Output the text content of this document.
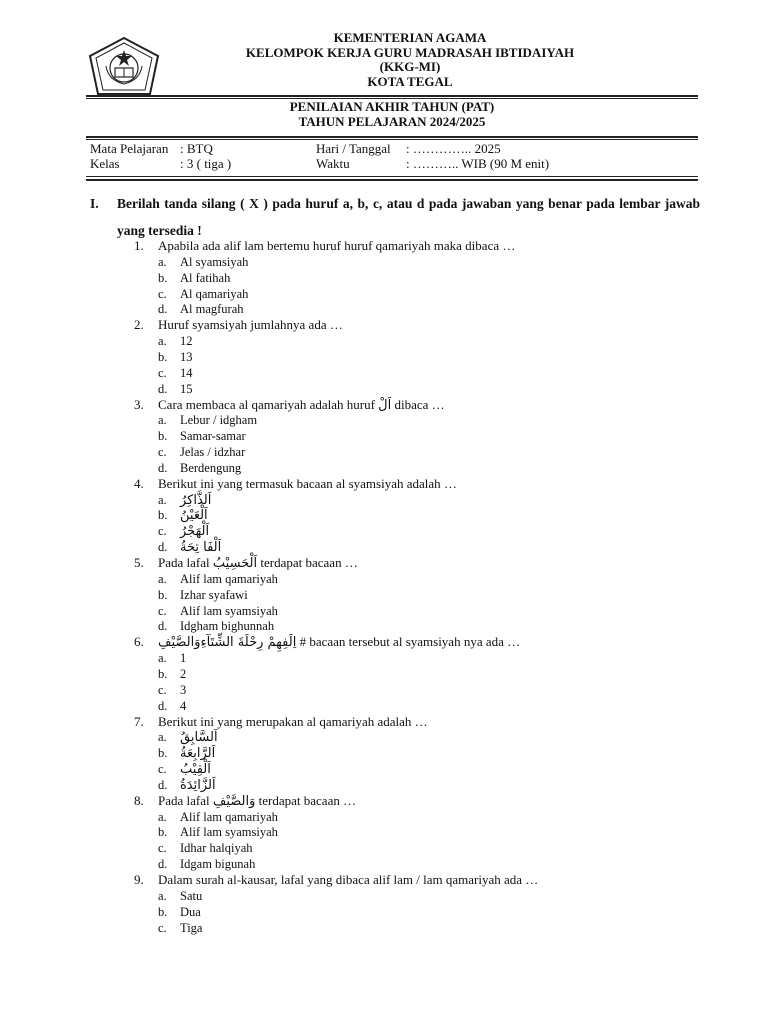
KEMENTERIAN AGAMA
KELOMPOK KERJA GURU MADRASAH IBTIDAIYAH
(KKG-MI)
KOTA TEGAL
PENILAIAN AKHIR TAHUN (PAT)
TAHUN PELAJARAN 2024/2025
Mata Pelajaran : BTQ
Kelas	: 3 ( tiga )
Hari / Tanggal : ………….. 2025
Waktu	: ……….. WIB (90 M enit)
I. Berilah tanda silang ( X ) pada huruf a, b, c, atau d pada jawaban yang benar pada lembar jawab yang tersedia !
1. Apabila ada alif lam bertemu huruf huruf qamariyah maka dibaca …
a. Al syamsiyah
b. Al fatihah
c. Al qamariyah
d. Al magfurah
2. Huruf syamsiyah jumlahnya ada …
a. 12
b. 13
c. 14
d. 15
3. Cara membaca al qamariyah adalah huruf اَلْ dibaca …
a. Lebur / idgham
b. Samar-samar
c. Jelas / idzhar
d. Berdengung
4. Berikut ini yang termasuk bacaan al syamsiyah adalah …
a. اَلذَّاكِرُ
b. اَلْعَيْنُ
c. اَلْهَجْرُ
d. اَلْفَا تِحَةُ
5. Pada lafal اَلْحَسِيْبُ terdapat bacaan …
a. Alif lam qamariyah
b. Izhar syafawi
c. Alif lam syamsiyah
d. Idgham bighunnah
6. اِلَفِهِمْ رِحْلَةَ الشِّتَآءِوَالصَّيْفِ # bacaan tersebut al syamsiyah nya ada …
a. 1
b. 2
c. 3
d. 4
7. Berikut ini yang merupakan al qamariyah adalah …
a. اَلسَّابِقُ
b. اَلرَّابِعَةُ
c. اَلْقِيْبُ
d. اَلزَّائِدَةُ
8. Pada lafal وَالصَّيْفِ terdapat bacaan …
a. Alif lam qamariyah
b. Alif lam syamsiyah
c. Idhar halqiyah
d. Idgam bigunah
9. Dalam surah al-kausar, lafal yang dibaca alif lam / lam qamariyah ada …
a. Satu
b. Dua
c. Tiga
